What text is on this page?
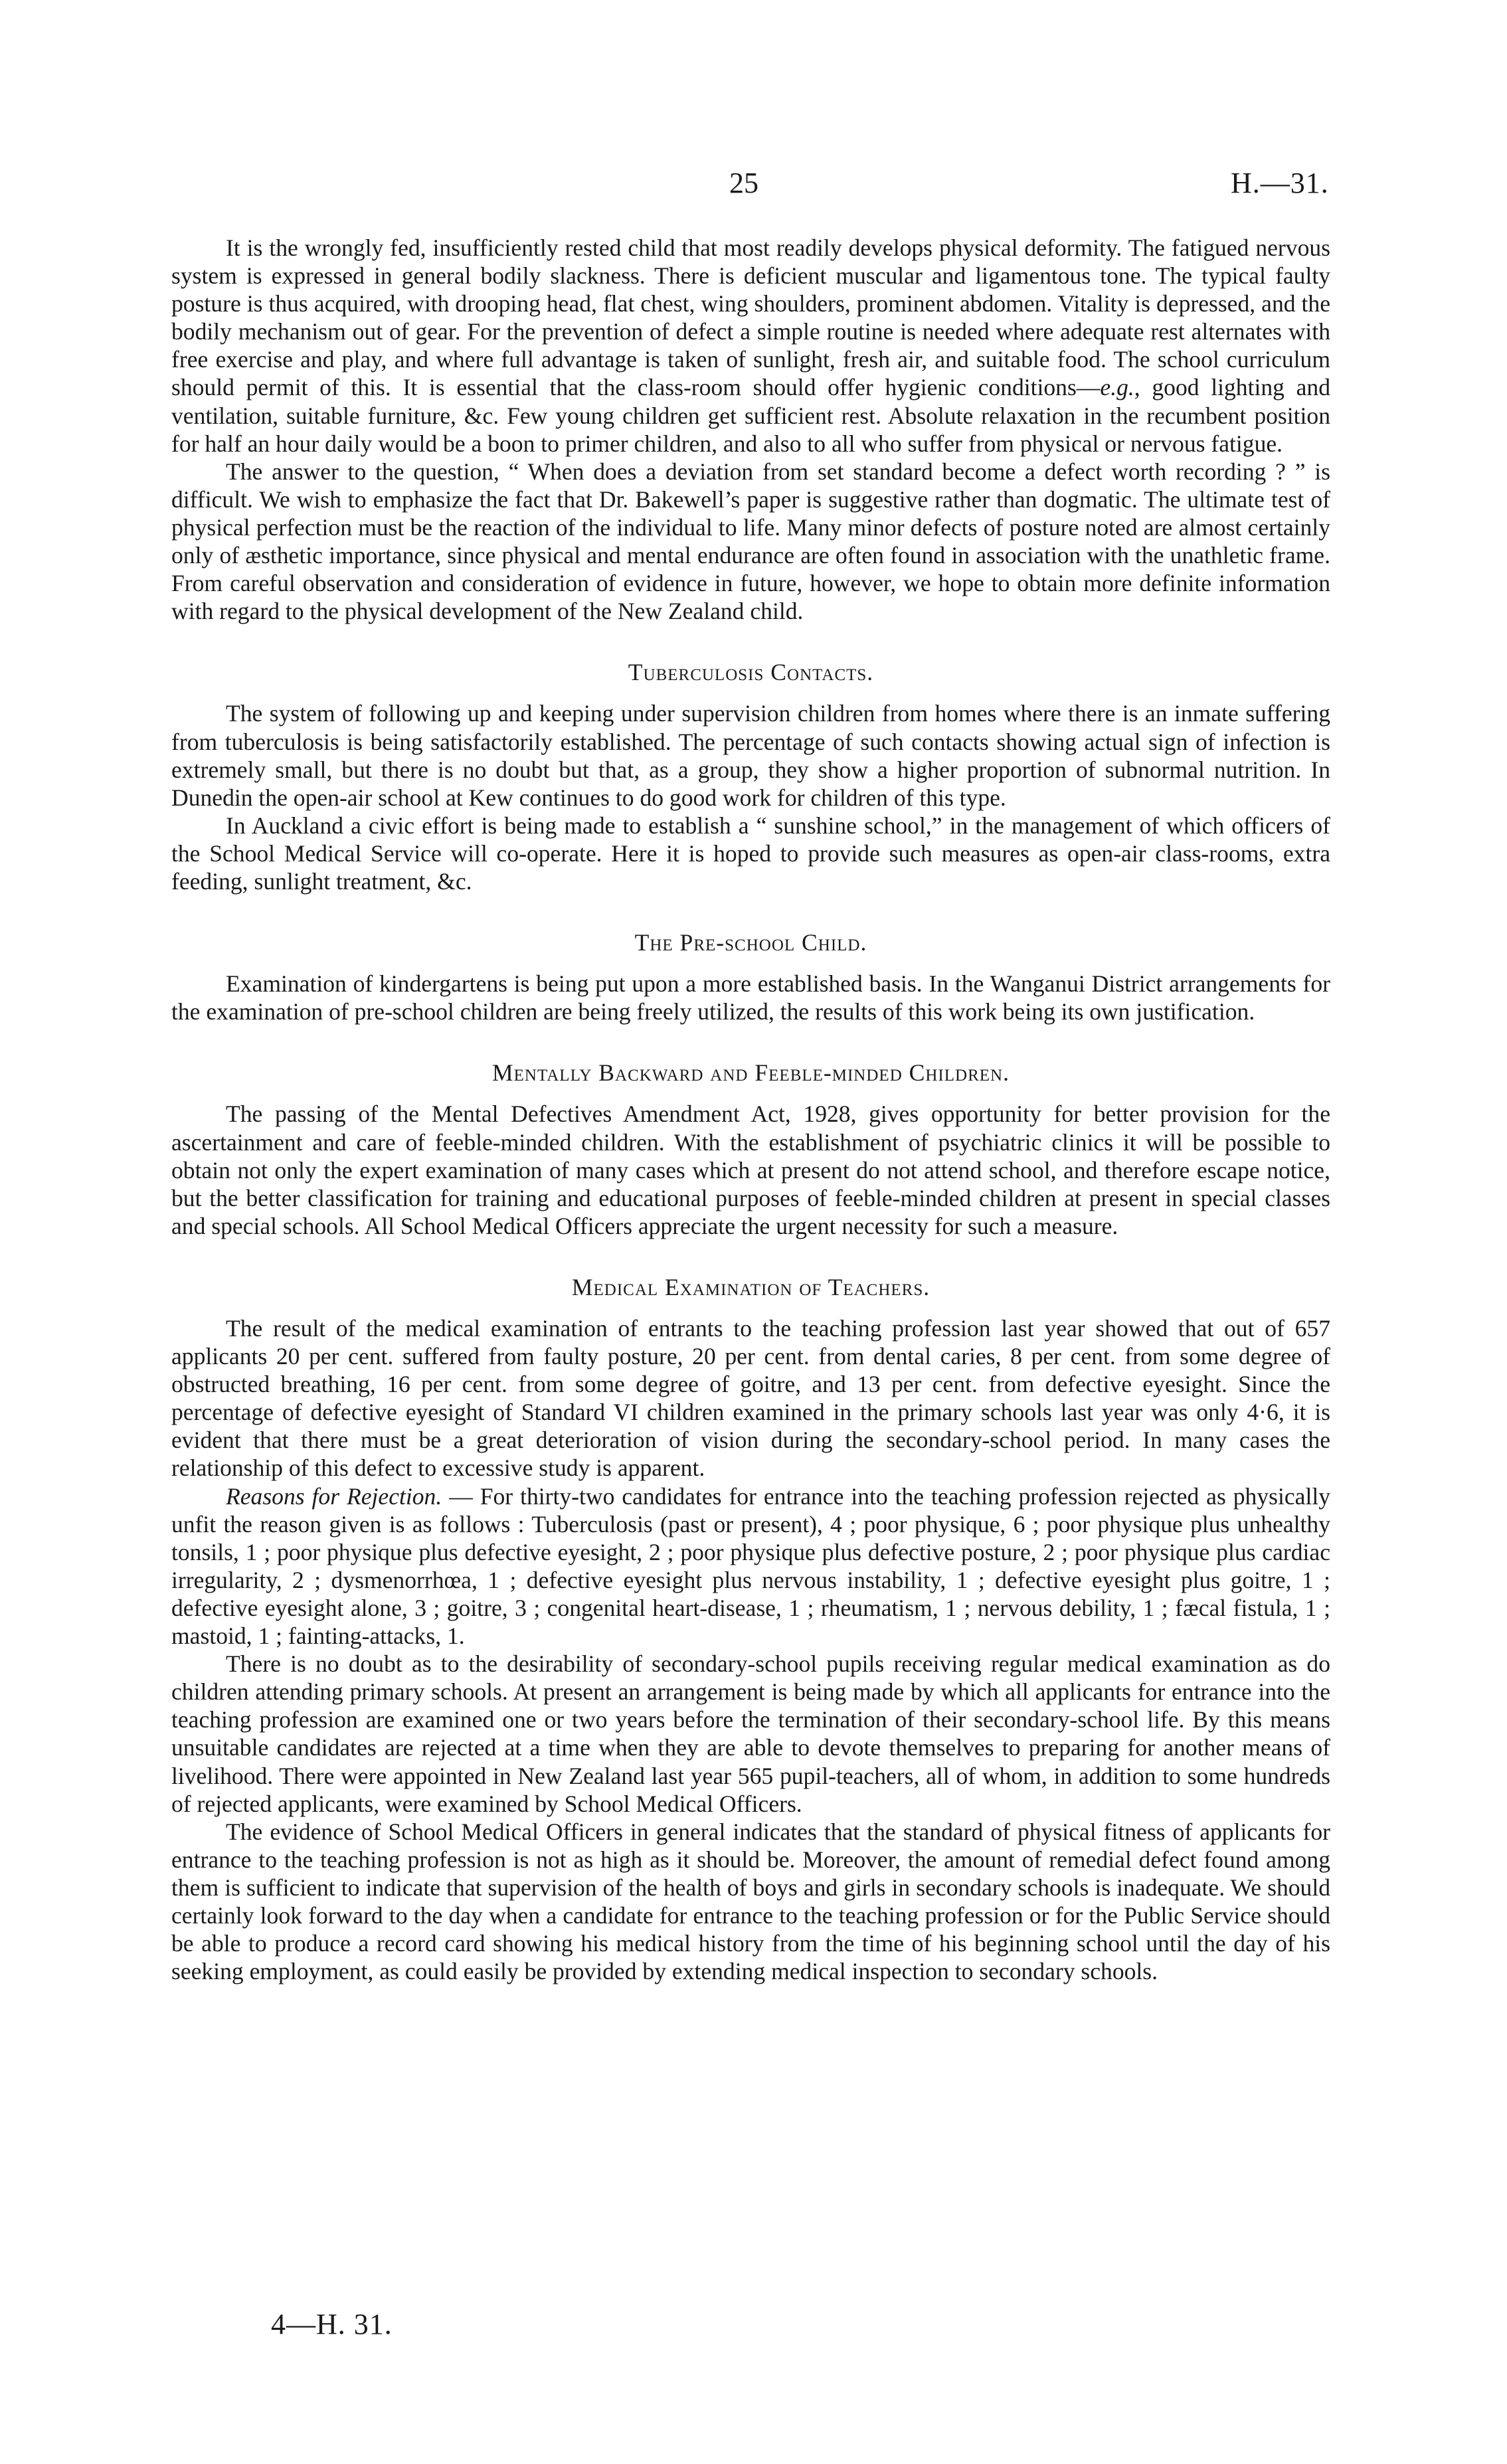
25	H.—31.

It is the wrongly fed, insufficiently rested child that most readily develops physical deformity. The fatigued nervous system is expressed in general bodily slackness. There is deficient muscular and ligamentous tone. The typical faulty posture is thus acquired, with drooping head, flat chest, wing shoulders, prominent abdomen. Vitality is depressed, and the bodily mechanism out of gear. For the prevention of defect a simple routine is needed where adequate rest alternates with free exercise and play, and where full advantage is taken of sunlight, fresh air, and suitable food. The school curriculum should permit of this. It is essential that the class-room should offer hygienic conditions—e.g., good lighting and ventilation, suitable furniture, &c. Few young children get sufficient rest. Absolute relaxation in the recumbent position for half an hour daily would be a boon to primer children, and also to all who suffer from physical or nervous fatigue.

The answer to the question, “ When does a deviation from set standard become a defect worth recording ? ” is difficult. We wish to emphasize the fact that Dr. Bakewell’s paper is suggestive rather than dogmatic. The ultimate test of physical perfection must be the reaction of the individual to life. Many minor defects of posture noted are almost certainly only of æsthetic importance, since physical and mental endurance are often found in association with the unathletic frame. From careful observation and consideration of evidence in future, however, we hope to obtain more definite information with regard to the physical development of the New Zealand child.

Tuberculosis Contacts.

The system of following up and keeping under supervision children from homes where there is an inmate suffering from tuberculosis is being satisfactorily established. The percentage of such contacts showing actual sign of infection is extremely small, but there is no doubt but that, as a group, they show a higher proportion of subnormal nutrition. In Dunedin the open-air school at Kew continues to do good work for children of this type.

In Auckland a civic effort is being made to establish a “ sunshine school,” in the management of which officers of the School Medical Service will co-operate. Here it is hoped to provide such measures as open-air class-rooms, extra feeding, sunlight treatment, &c.

The Pre-school Child.

Examination of kindergartens is being put upon a more established basis. In the Wanganui District arrangements for the examination of pre-school children are being freely utilized, the results of this work being its own justification.

Mentally Backward and Feeble-minded Children.

The passing of the Mental Defectives Amendment Act, 1928, gives opportunity for better provision for the ascertainment and care of feeble-minded children. With the establishment of psychiatric clinics it will be possible to obtain not only the expert examination of many cases which at present do not attend school, and therefore escape notice, but the better classification for training and educational purposes of feeble-minded children at present in special classes and special schools. All School Medical Officers appreciate the urgent necessity for such a measure.

Medical Examination of Teachers.

The result of the medical examination of entrants to the teaching profession last year showed that out of 657 applicants 20 per cent. suffered from faulty posture, 20 per cent. from dental caries, 8 per cent. from some degree of obstructed breathing, 16 per cent. from some degree of goitre, and 13 per cent. from defective eyesight. Since the percentage of defective eyesight of Standard VI children examined in the primary schools last year was only 4·6, it is evident that there must be a great deterioration of vision during the secondary-school period. In many cases the relationship of this defect to excessive study is apparent.

Reasons for Rejection. — For thirty-two candidates for entrance into the teaching profession rejected as physically unfit the reason given is as follows : Tuberculosis (past or present), 4 ; poor physique, 6 ; poor physique plus unhealthy tonsils, 1 ; poor physique plus defective eyesight, 2 ; poor physique plus defective posture, 2 ; poor physique plus cardiac irregularity, 2 ; dysmenorrhœa, 1 ; defective eyesight plus nervous instability, 1 ; defective eyesight plus goitre, 1 ; defective eyesight alone, 3 ; goitre, 3 ; congenital heart-disease, 1 ; rheumatism, 1 ; nervous debility, 1 ; fæcal fistula, 1 ; mastoid, 1 ; fainting-attacks, 1.

There is no doubt as to the desirability of secondary-school pupils receiving regular medical examination as do children attending primary schools. At present an arrangement is being made by which all applicants for entrance into the teaching profession are examined one or two years before the termination of their secondary-school life. By this means unsuitable candidates are rejected at a time when they are able to devote themselves to preparing for another means of livelihood. There were appointed in New Zealand last year 565 pupil-teachers, all of whom, in addition to some hundreds of rejected applicants, were examined by School Medical Officers.

The evidence of School Medical Officers in general indicates that the standard of physical fitness of applicants for entrance to the teaching profession is not as high as it should be. Moreover, the amount of remedial defect found among them is sufficient to indicate that supervision of the health of boys and girls in secondary schools is inadequate. We should certainly look forward to the day when a candidate for entrance to the teaching profession or for the Public Service should be able to produce a record card showing his medical history from the time of his beginning school until the day of his seeking employment, as could easily be provided by extending medical inspection to secondary schools.

4—H. 31.
